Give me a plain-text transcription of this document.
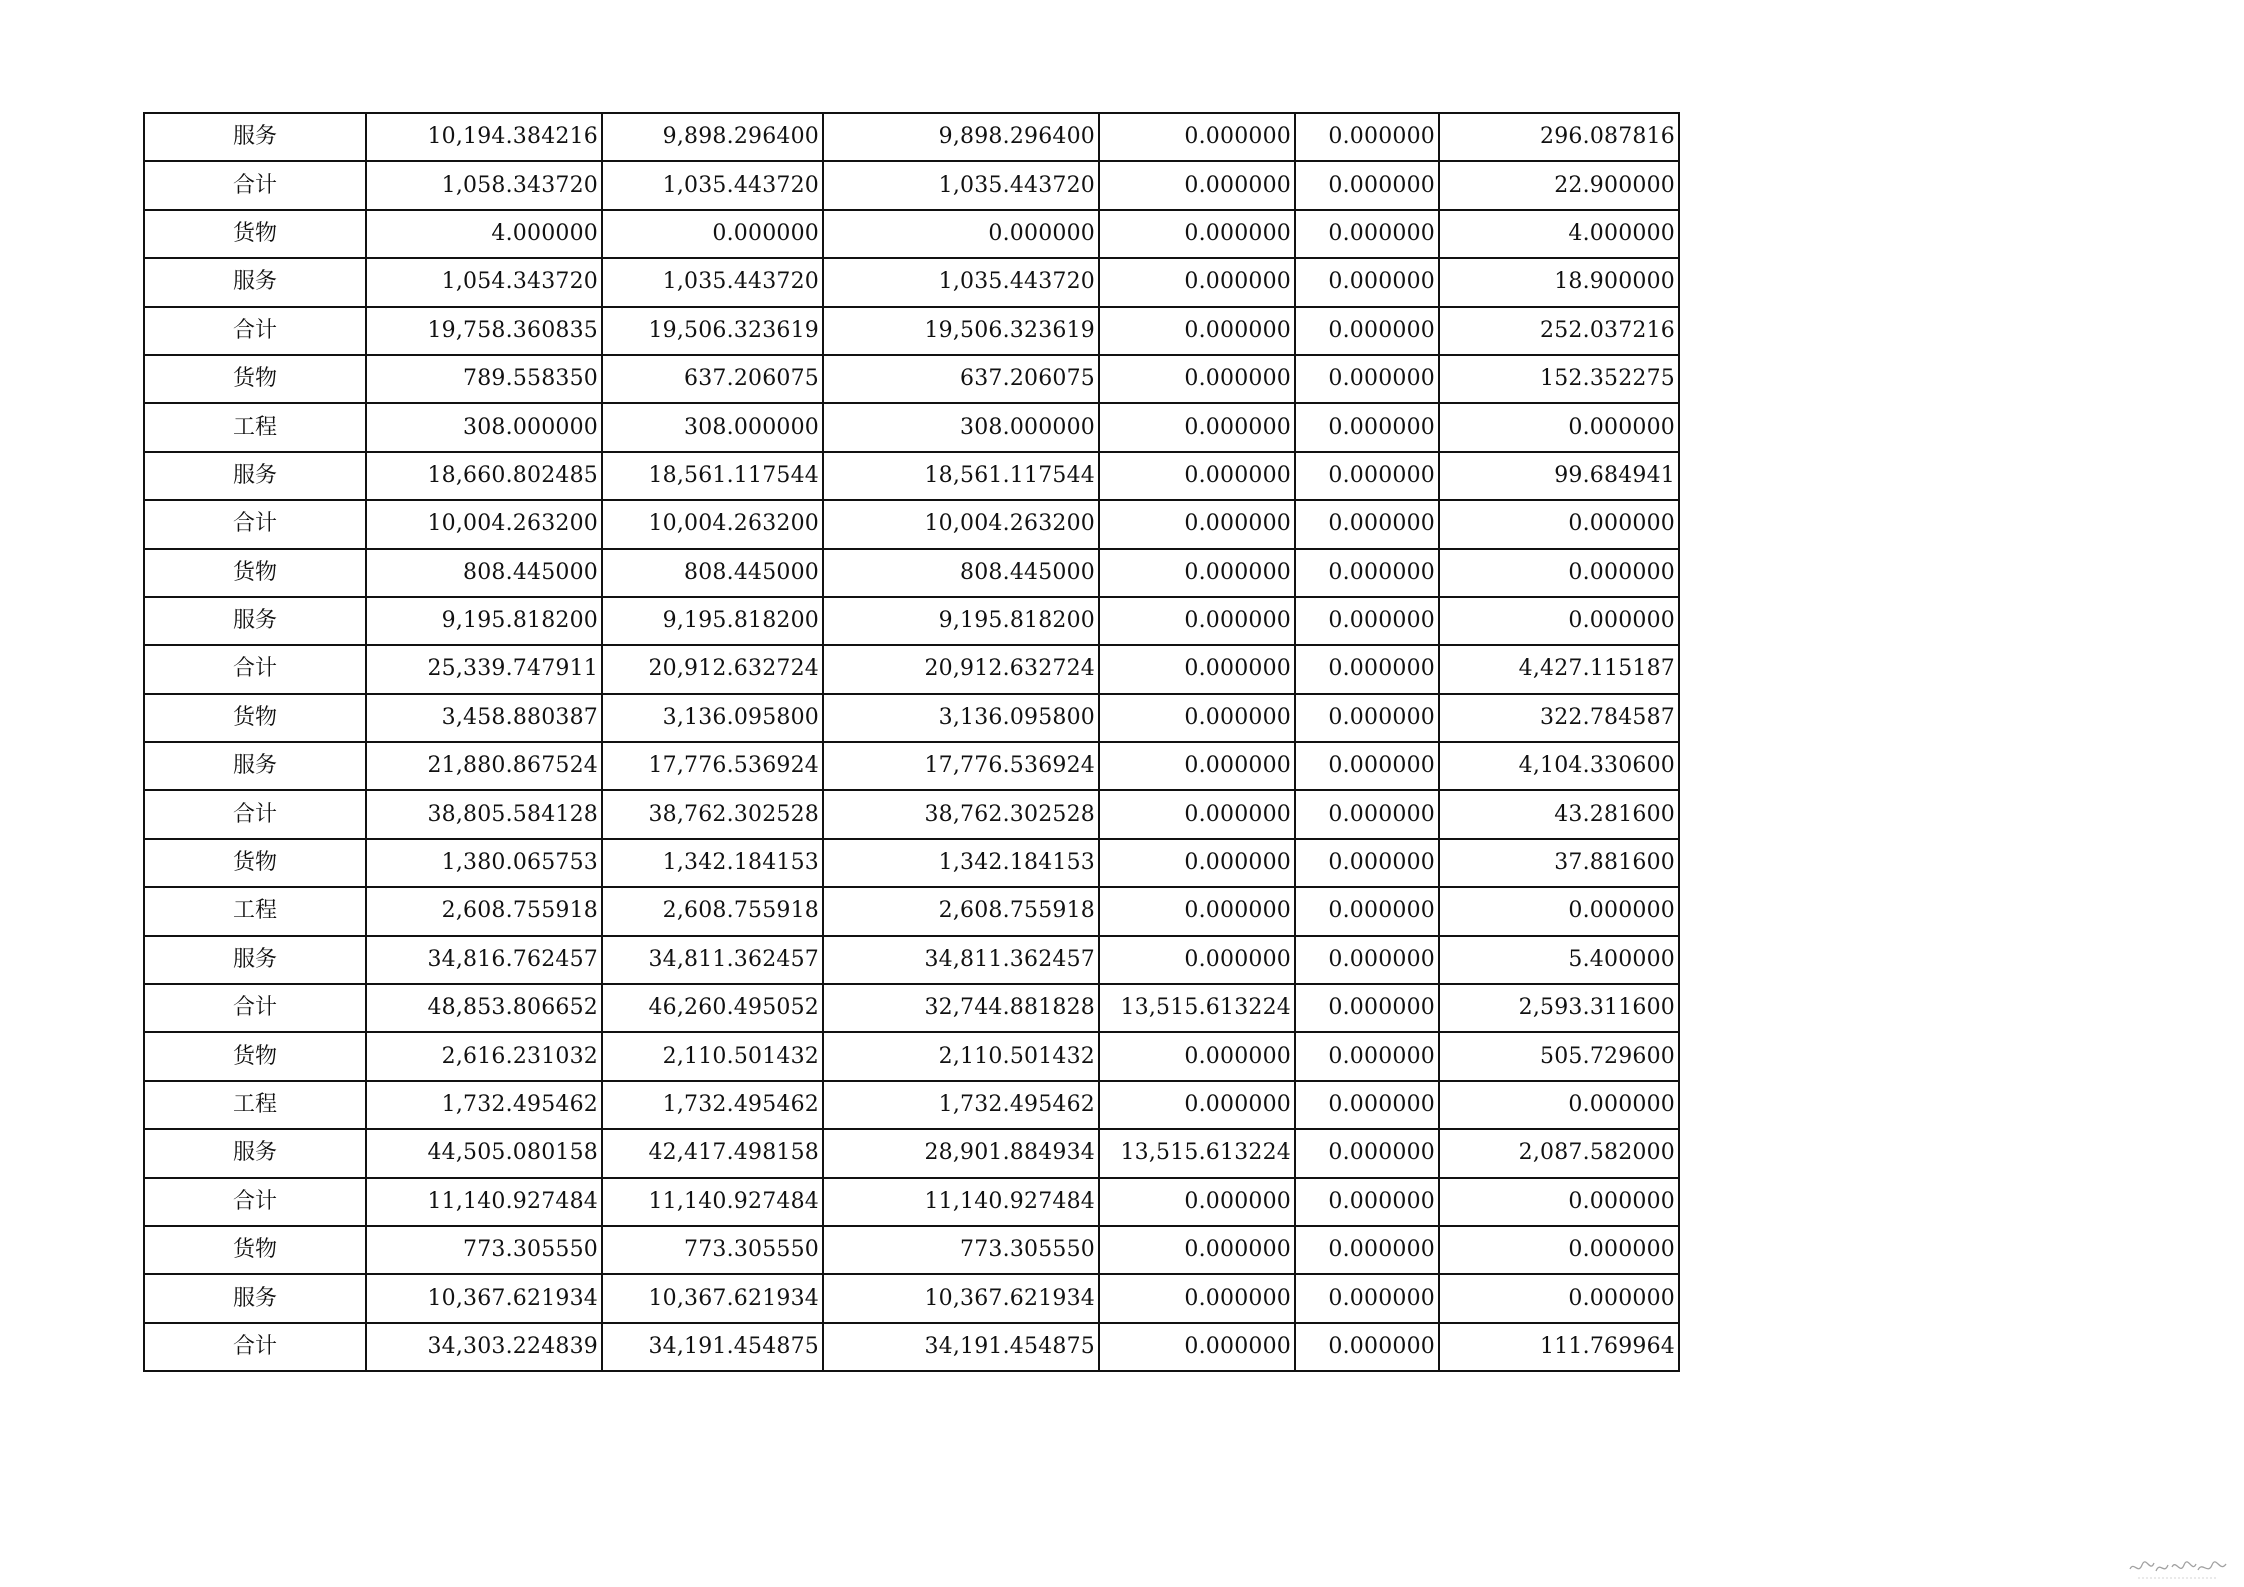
服务	10,194.384216	9,898.296400	9,898.296400	0.000000	0.000000	296.087816
合计	1,058.343720	1,035.443720	1,035.443720	0.000000	0.000000	22.900000
货物	4.000000	0.000000	0.000000	0.000000	0.000000	4.000000
服务	1,054.343720	1,035.443720	1,035.443720	0.000000	0.000000	18.900000
合计	19,758.360835	19,506.323619	19,506.323619	0.000000	0.000000	252.037216
货物	789.558350	637.206075	637.206075	0.000000	0.000000	152.352275
工程	308.000000	308.000000	308.000000	0.000000	0.000000	0.000000
服务	18,660.802485	18,561.117544	18,561.117544	0.000000	0.000000	99.684941
合计	10,004.263200	10,004.263200	10,004.263200	0.000000	0.000000	0.000000
货物	808.445000	808.445000	808.445000	0.000000	0.000000	0.000000
服务	9,195.818200	9,195.818200	9,195.818200	0.000000	0.000000	0.000000
合计	25,339.747911	20,912.632724	20,912.632724	0.000000	0.000000	4,427.115187
货物	3,458.880387	3,136.095800	3,136.095800	0.000000	0.000000	322.784587
服务	21,880.867524	17,776.536924	17,776.536924	0.000000	0.000000	4,104.330600
合计	38,805.584128	38,762.302528	38,762.302528	0.000000	0.000000	43.281600
货物	1,380.065753	1,342.184153	1,342.184153	0.000000	0.000000	37.881600
工程	2,608.755918	2,608.755918	2,608.755918	0.000000	0.000000	0.000000
服务	34,816.762457	34,811.362457	34,811.362457	0.000000	0.000000	5.400000
合计	48,853.806652	46,260.495052	32,744.881828	13,515.613224	0.000000	2,593.311600
货物	2,616.231032	2,110.501432	2,110.501432	0.000000	0.000000	505.729600
工程	1,732.495462	1,732.495462	1,732.495462	0.000000	0.000000	0.000000
服务	44,505.080158	42,417.498158	28,901.884934	13,515.613224	0.000000	2,087.582000
合计	11,140.927484	11,140.927484	11,140.927484	0.000000	0.000000	0.000000
货物	773.305550	773.305550	773.305550	0.000000	0.000000	0.000000
服务	10,367.621934	10,367.621934	10,367.621934	0.000000	0.000000	0.000000
合计	34,303.224839	34,191.454875	34,191.454875	0.000000	0.000000	111.769964
